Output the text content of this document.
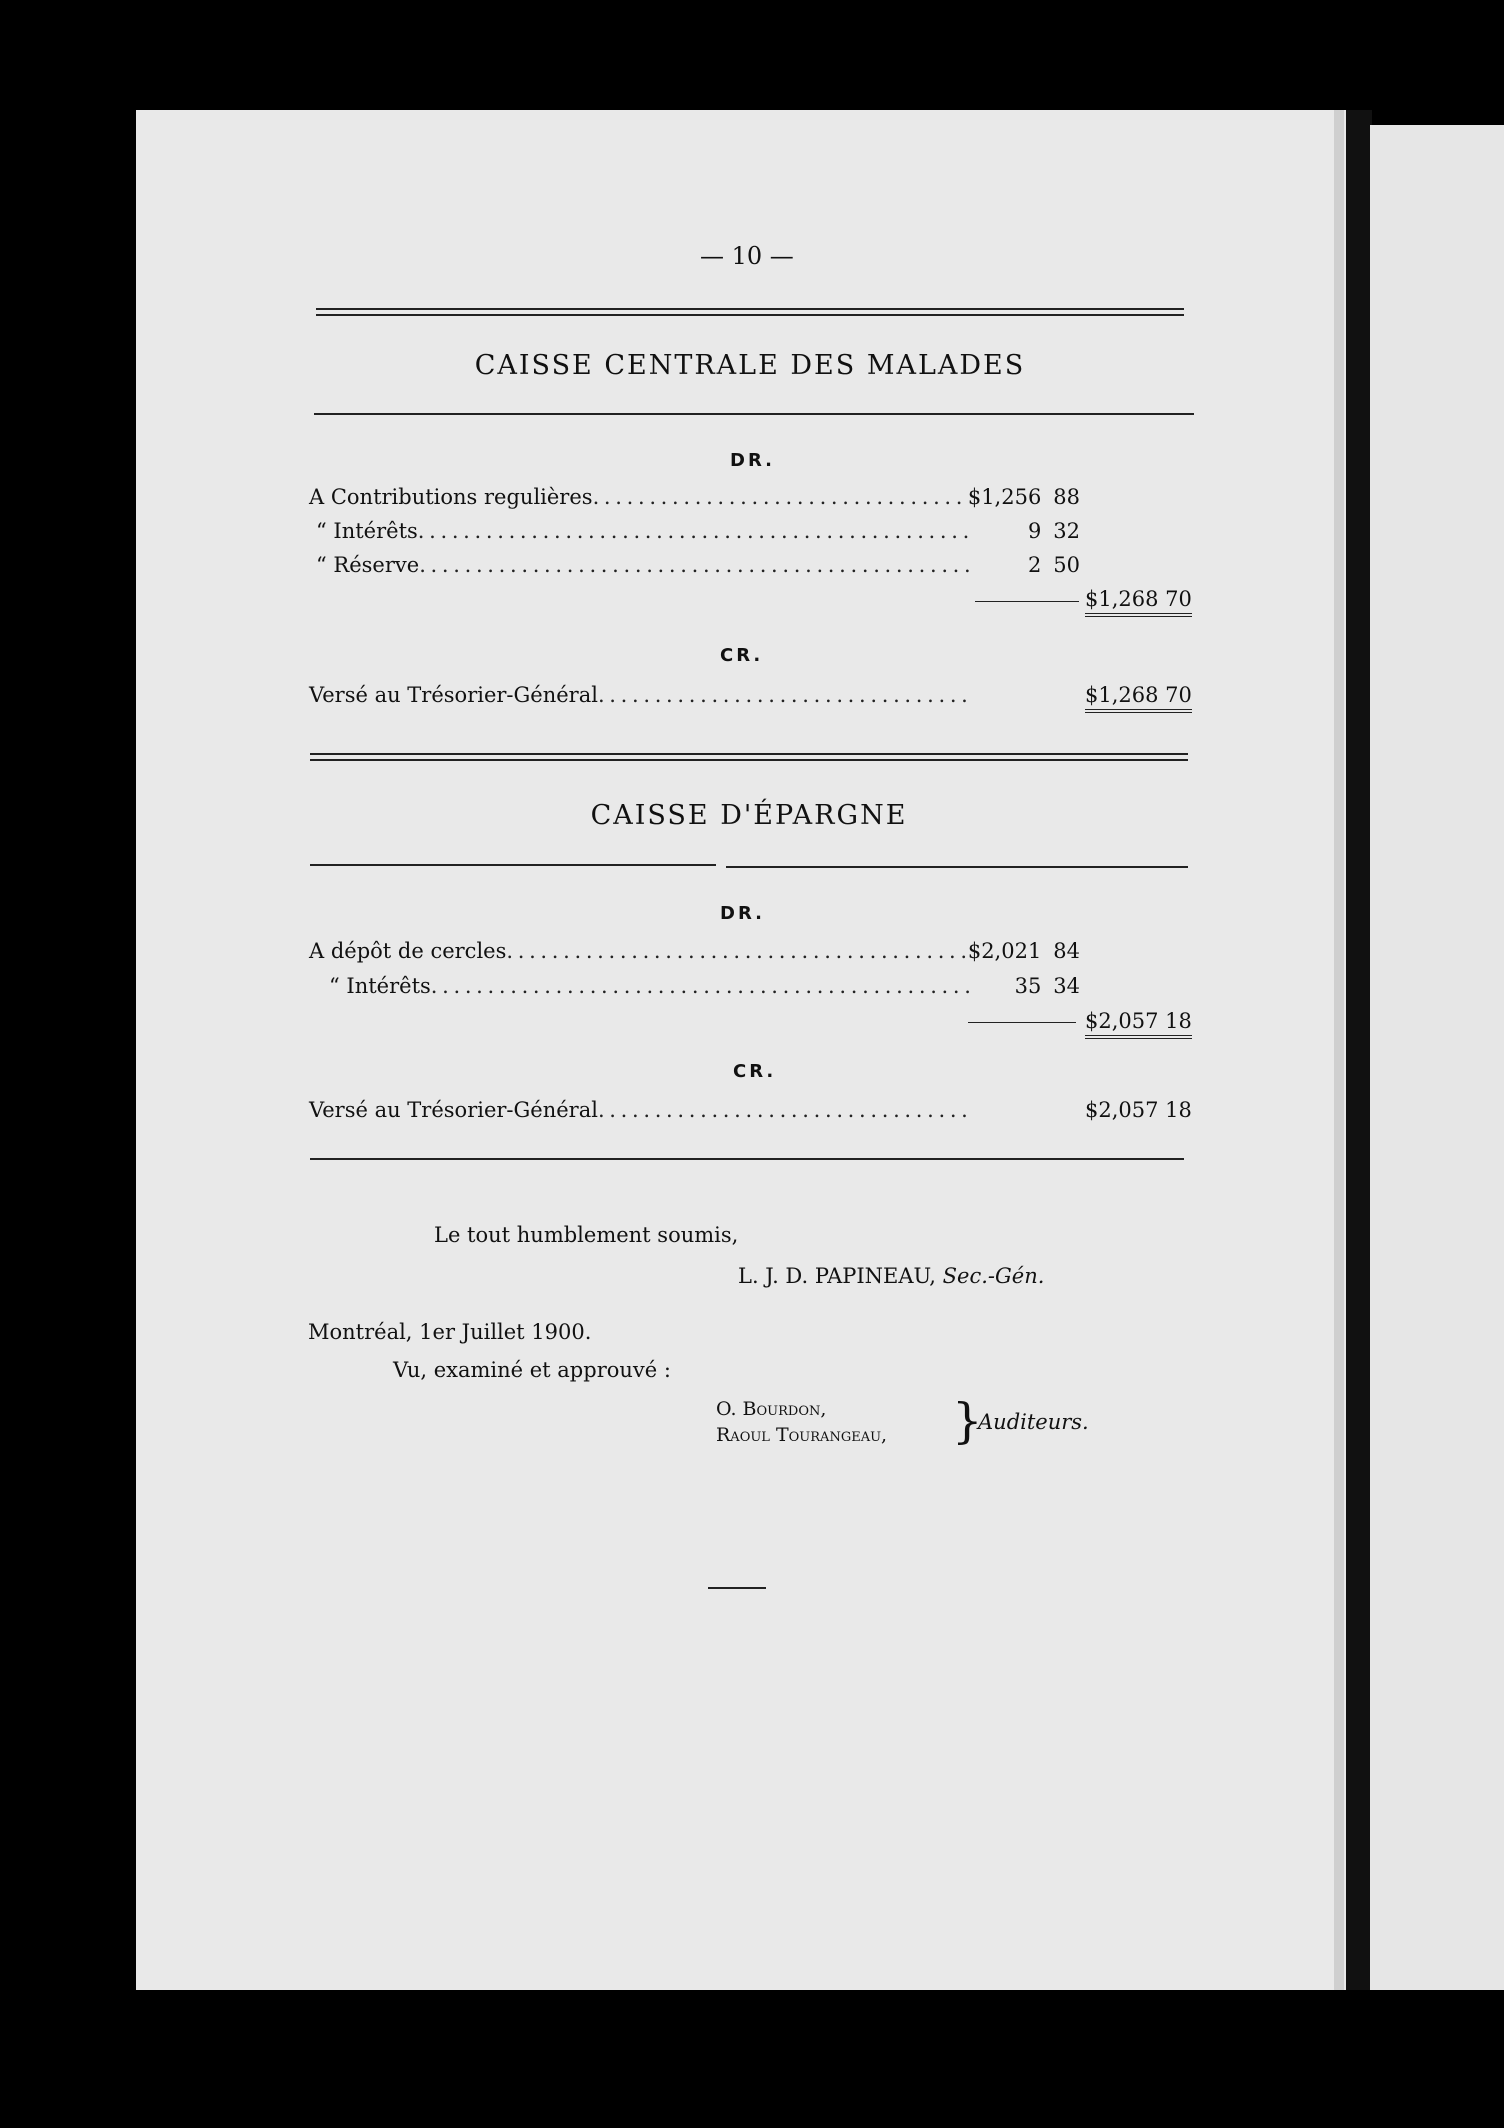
— 10 —
CAISSE CENTRALE DES MALADES
DR.
A Contributions regulières . . .	$1,256 88
“ Intérêts . . .	9 32
“ Réserve . . .	2 50
$1,268 70
CR.
Versé au Trésorier-Général . . .	$1,268 70
CAISSE D'ÉPARGNE
DR.
A dépôt de cercles . . .	$2,021 84
“ Intérêts . . .	35 34
$2,057 18
CR.
Versé au Trésorier-Général . . .	$2,057 18
Le tout humblement soumis,
L. J. D. PAPINEAU, Sec.-Gén.
Montréal, 1er Juillet 1900.
Vu, examiné et approuvé :
O. Bourdon,
Raoul Tourangeau, }
Auditeurs.
